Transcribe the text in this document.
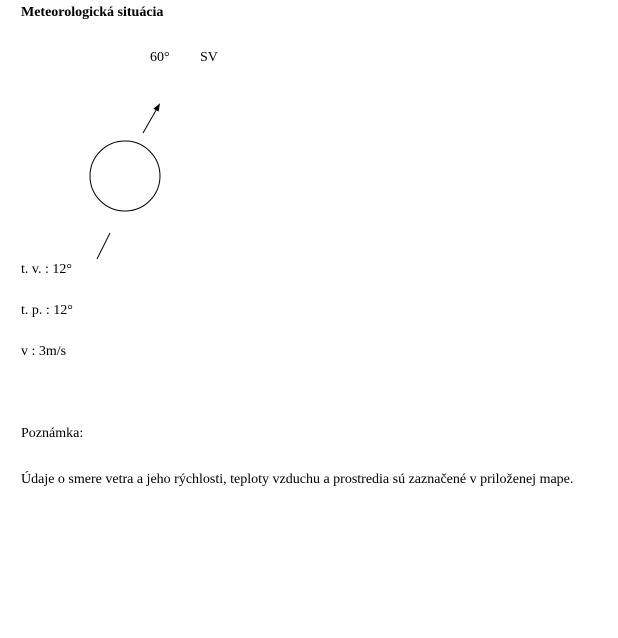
Meteorologická situácia
60° SV
t. v. : 12°
t. p. : 12°
v : 3m/s
Poznámka:
Údaje o smere vetra a jeho rýchlosti, teploty vzduchu a prostredia sú zaznačené v priloženej mape.
